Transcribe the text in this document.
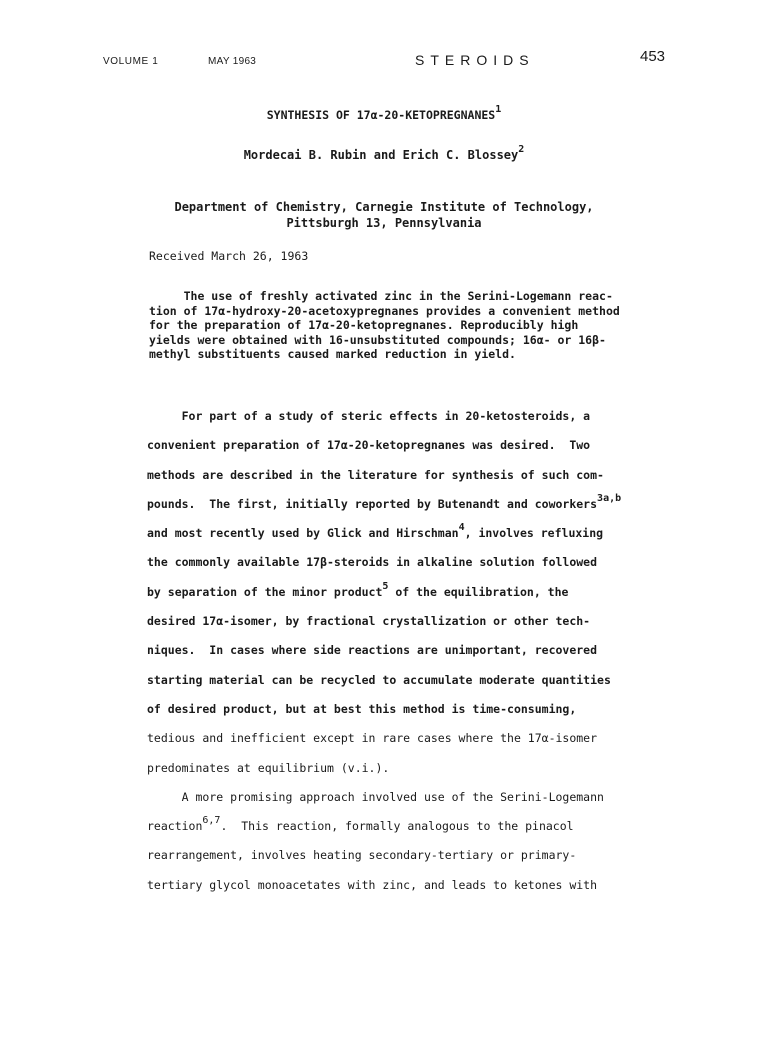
VOLUME 1	MAY 1963	STEROIDS	453
SYNTHESIS OF 17α-20-KETOPREGNANES$^1$
Mordecai B. Rubin and Erich C. Blossey$^2$
Department of Chemistry, Carnegie Institute of Technology,
Pittsburgh 13, Pennsylvania
Received March 26, 1963
The use of freshly activated zinc in the Serini-Logemann reac-
tion of 17α-hydroxy-20-acetoxypregnanes provides a convenient method
for the preparation of 17α-20-ketopregnanes. Reproducibly high
yields were obtained with 16-unsubstituted compounds; 16α- or 16β-
methyl substituents caused marked reduction in yield.
For part of a study of steric effects in 20-ketosteroids, a
convenient preparation of 17α-20-ketopregnanes was desired.  Two
methods are described in the literature for synthesis of such com-
pounds.  The first, initially reported by Butenandt and coworkers$^{3a,b}$
and most recently used by Glick and Hirschman$^4$, involves refluxing
the commonly available 17β-steroids in alkaline solution followed
by separation of the minor product$^5$ of the equilibration, the
desired 17α-isomer, by fractional crystallization or other tech-
niques.  In cases where side reactions are unimportant, recovered
starting material can be recycled to accumulate moderate quantities
of desired product, but at best this method is time-consuming,
tedious and inefficient except in rare cases where the 17α-isomer
predominates at equilibrium (v.i.).
A more promising approach involved use of the Serini-Logemann
reaction$^{6,7}$.  This reaction, formally analogous to the pinacol
rearrangement, involves heating secondary-tertiary or primary-
tertiary glycol monoacetates with zinc, and leads to ketones with
